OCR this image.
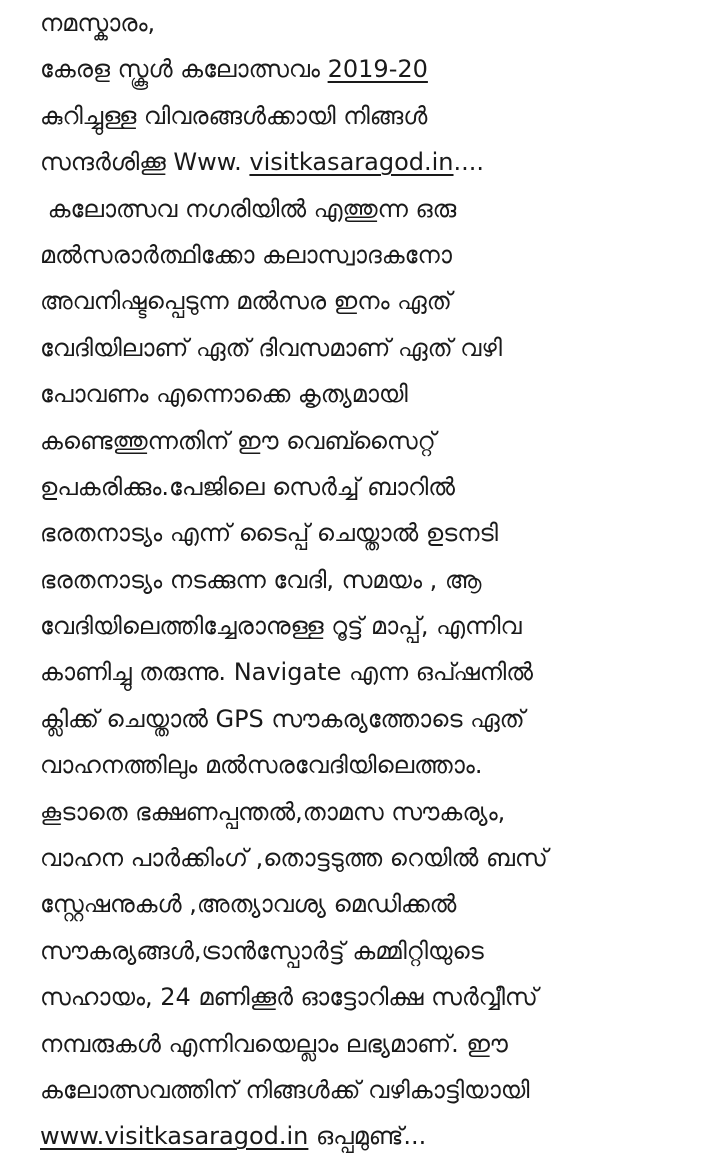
നമസ്കാരം,
കേരള സ്കൂൾ കലോത്സവം 2019-20
കുറിച്ചുള്ള വിവരങ്ങൾക്കായി നിങ്ങൾ
സന്ദർശിക്കൂ Www. visitkasaragod.in....
കലോത്സവ നഗരിയിൽ എത്തുന്ന ഒരു
മൽസരാർത്ഥിക്കോ കലാസ്വാദകനോ
അവനിഷ്ടപ്പെടുന്ന മൽസര ഇനം ഏത്
വേദിയിലാണ് ഏത് ദിവസമാണ് ഏത് വഴി
പോവണം എന്നൊക്കെ കൃത്യമായി
കണ്ടെത്തുന്നതിന് ഈ വെബ്സൈറ്റ്
ഉപകരിക്കും.പേജിലെ സെർച്ച് ബാറിൽ
ഭരതനാട്യം എന്ന് ടൈപ്പ് ചെയ്താൽ ഉടനടി
ഭരതനാട്യം നടക്കുന്ന വേദി, സമയം , ആ
വേദിയിലെത്തിച്ചേരാനുള്ള റൂട്ട് മാപ്പ്, എന്നിവ
കാണിച്ചു തരുന്നു. Navigate എന്ന ഒപ്ഷനിൽ
ക്ലിക്ക് ചെയ്താൽ GPS സൗകര്യത്തോടെ ഏത്
വാഹനത്തിലും മൽസരവേദിയിലെത്താം.
കൂടാതെ ഭക്ഷണപ്പന്തൽ,താമസ സൗകര്യം,
വാഹന പാർക്കിംഗ് ,തൊട്ടടുത്ത റെയിൽ ബസ്
സ്റ്റേഷനുകൾ ,അത്യാവശ്യ മെഡിക്കൽ
സൗകര്യങ്ങൾ,ട്രാൻസ്പോർട്ട് കമ്മിറ്റിയുടെ
സഹായം, 24 മണിക്കൂർ ഓട്ടോറിക്ഷ സർവ്വീസ്
നമ്പരുകൾ എന്നിവയെല്ലാം ലഭ്യമാണ്. ഈ
കലോത്സവത്തിന് നിങ്ങൾക്ക് വഴികാട്ടിയായി
www.visitkasaragod.in ഒപ്പമുണ്ട്...
